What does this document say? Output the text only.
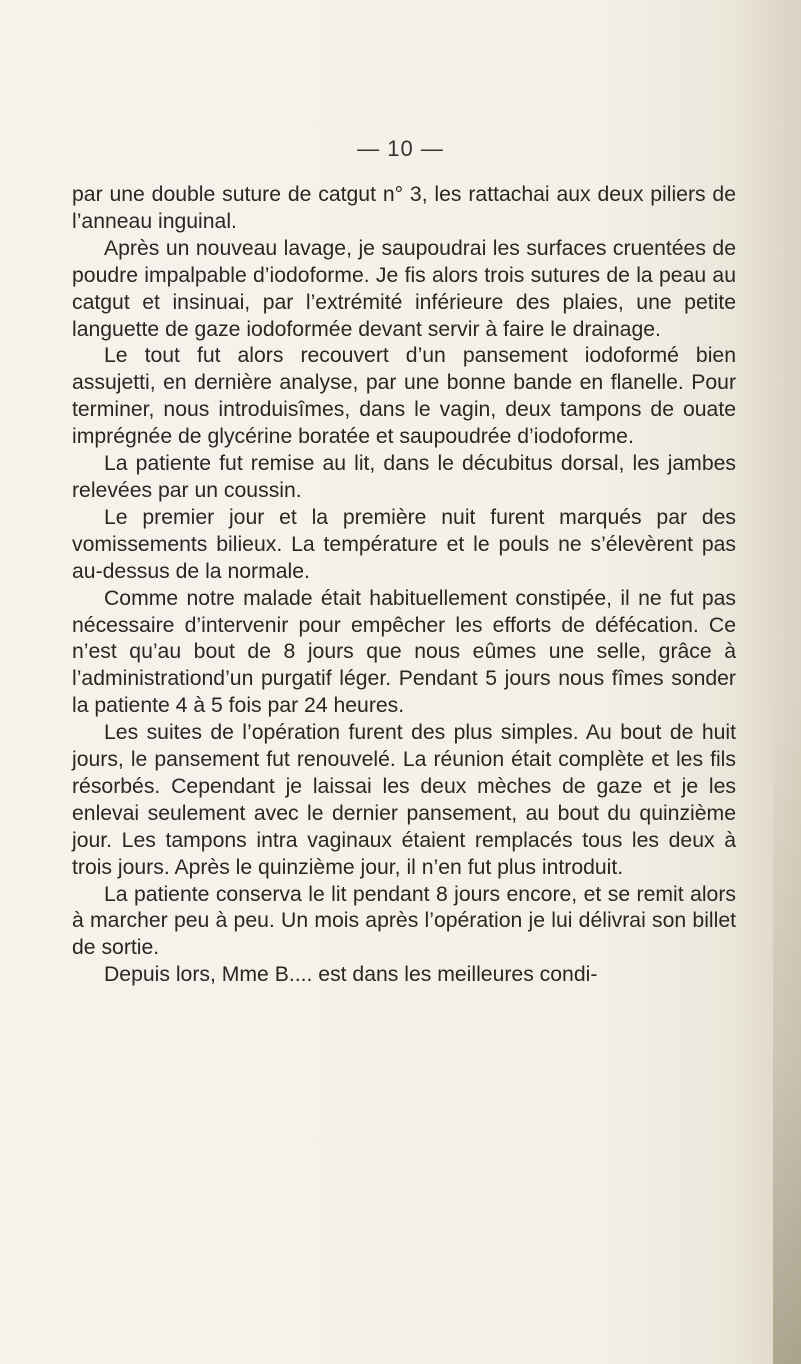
— 10 —

par une double suture de catgut n° 3, les rattachai aux deux piliers de l’anneau inguinal.

Après un nouveau lavage, je saupoudrai les surfaces cruentées de poudre impalpable d’iodoforme. Je fis alors trois sutures de la peau au catgut et insinuai, par l’extrémité inférieure des plaies, une petite languette de gaze iodoformée devant servir à faire le drainage.

Le tout fut alors recouvert d’un pansement iodoformé bien assujetti, en dernière analyse, par une bonne bande en flanelle. Pour terminer, nous introduisîmes, dans le vagin, deux tampons de ouate imprégnée de glycérine boratée et saupoudrée d’iodoforme.

La patiente fut remise au lit, dans le décubitus dorsal, les jambes relevées par un coussin.

Le premier jour et la première nuit furent marqués par des vomissements bilieux. La température et le pouls ne s’élevèrent pas au-dessus de la normale.

Comme notre malade était habituellement constipée, il ne fut pas nécessaire d’intervenir pour empêcher les efforts de défécation. Ce n’est qu’au bout de 8 jours que nous eûmes une selle, grâce à l’administrationd’un purgatif léger. Pendant 5 jours nous fîmes sonder la patiente 4 à 5 fois par 24 heures.

Les suites de l’opération furent des plus simples. Au bout de huit jours, le pansement fut renouvelé. La réunion était complète et les fils résorbés. Cependant je laissai les deux mèches de gaze et je les enlevai seulement avec le dernier pansement, au bout du quinzième jour. Les tampons intra vaginaux étaient remplacés tous les deux à trois jours. Après le quinzième jour, il n’en fut plus introduit.

La patiente conserva le lit pendant 8 jours encore, et se remit alors à marcher peu à peu. Un mois après l’opération je lui délivrai son billet de sortie.

Depuis lors, Mme B.... est dans les meilleures condi-
